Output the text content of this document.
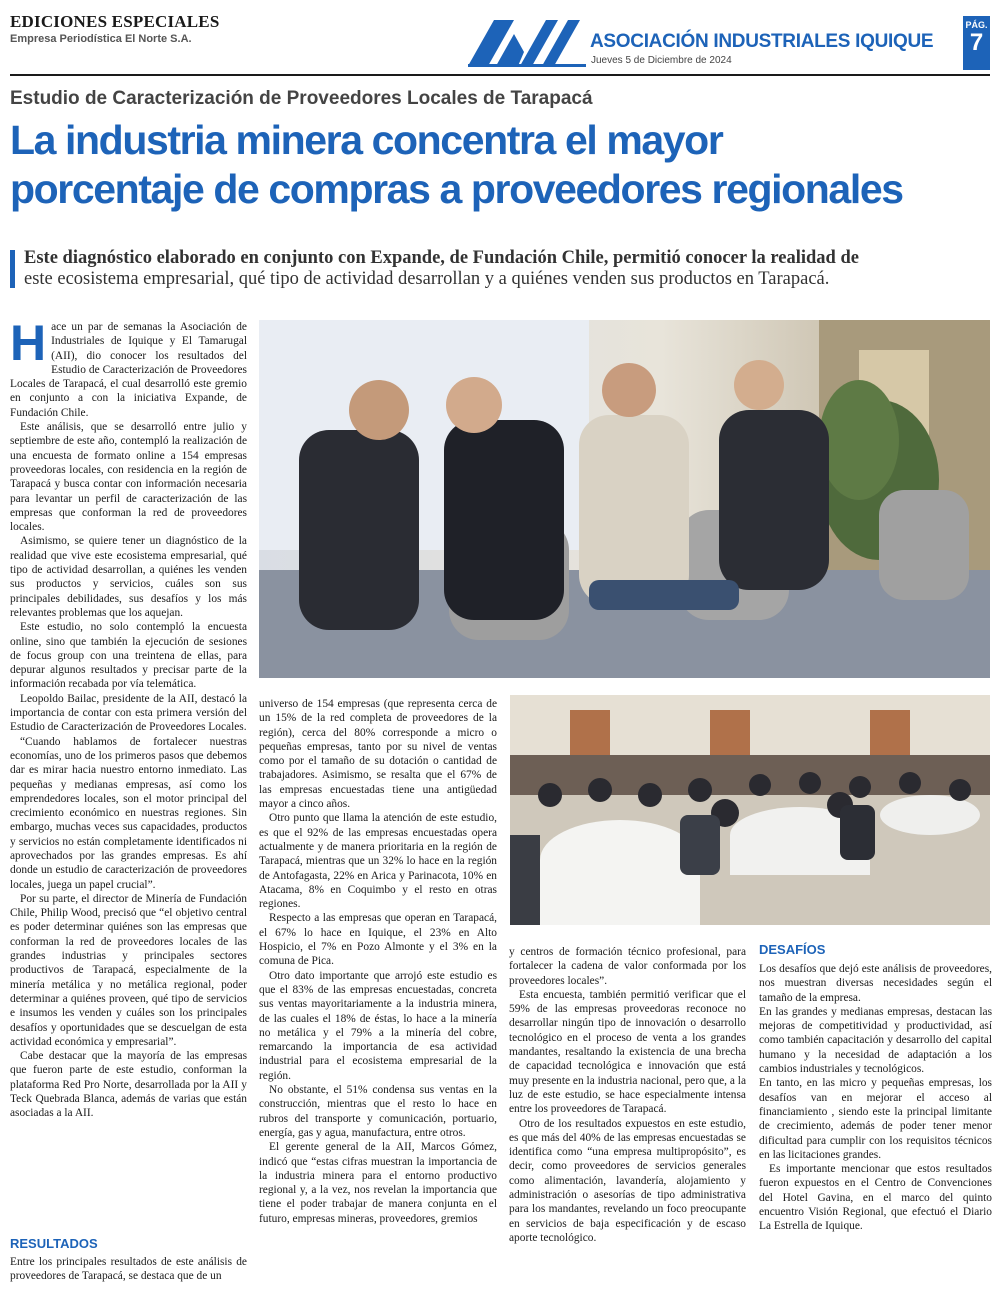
EDICIONES ESPECIALES
Empresa Periodística El Norte S.A.	ASOCIACIÓN INDUSTRIALES IQUIQUE
Jueves 5 de Diciembre de 2024
PÁG.
7
Estudio de Caracterización de Proveedores Locales de Tarapacá
La industria minera concentra el mayor
porcentaje de compras a proveedores regionales
Este diagnóstico elaborado en conjunto con Expande, de Fundación Chile, permitió conocer la realidad de
este ecosistema empresarial, qué tipo de actividad desarrollan y a quiénes venden sus productos en Tarapacá.

Hace un par de semanas la Asociación de Industriales de Iquique y El Tamarugal (AII), dio conocer los resultados del Estudio de Caracterización de Proveedores Locales de Tarapacá, el cual desarrolló este gremio en conjunto a con la iniciativa Expande, de Fundación Chile.

Este análisis, que se desarrolló entre julio y septiembre de este año, contempló la realización de una encuesta de formato online a 154 empresas proveedoras locales, con residencia en la región de Tarapacá y busca contar con información necesaria para levantar un perfil de caracterización de las empresas que conforman la red de proveedores locales.

Asimismo, se quiere tener un diagnóstico de la realidad que vive este ecosistema empresarial, qué tipo de actividad desarrollan, a quiénes les venden sus productos y servicios, cuáles son sus principales debilidades, sus desafíos y los más relevantes problemas que los aquejan.

Este estudio, no solo contempló la encuesta online, sino que también la ejecución de sesiones de focus group con una treintena de ellas, para depurar algunos resultados y precisar parte de la información recabada por vía telemática.

Leopoldo Bailac, presidente de la AII, destacó la importancia de contar con esta primera versión del Estudio de Caracterización de Proveedores Locales.

“Cuando hablamos de fortalecer nuestras economías, uno de los primeros pasos que debemos dar es mirar hacia nuestro entorno inmediato. Las pequeñas y medianas empresas, así como los emprendedores locales, son el motor principal del crecimiento económico en nuestras regiones. Sin embargo, muchas veces sus capacidades, productos y servicios no están completamente identificados ni aprovechados por las grandes empresas. Es ahí donde un estudio de caracterización de proveedores locales, juega un papel crucial”.

Por su parte, el director de Minería de Fundación Chile, Philip Wood, precisó que “el objetivo central es poder determinar quiénes son las empresas que conforman la red de proveedores locales de las grandes industrias y principales sectores productivos de Tarapacá, especialmente de la minería metálica y no metálica regional, poder determinar a quiénes proveen, qué tipo de servicios e insumos les venden y cuáles son los principales desafíos y oportunidades que se descuelgan de esta actividad económica y empresarial”.

Cabe destacar que la mayoría de las empresas que fueron parte de este estudio, conforman la plataforma Red Pro Norte, desarrollada por la AII y Teck Quebrada Blanca, además de varias que están asociadas a la AII.

RESULTADOS

Entre los principales resultados de este análisis de proveedores de Tarapacá, se destaca que de un

universo de 154 empresas (que representa cerca de un 15% de la red completa de proveedores de la región), cerca del 80% corresponde a micro o pequeñas empresas, tanto por su nivel de ventas como por el tamaño de su dotación o cantidad de trabajadores. Asimismo, se resalta que el 67% de las empresas encuestadas tiene una antigüedad mayor a cinco años.

Otro punto que llama la atención de este estudio, es que el 92% de las empresas encuestadas opera actualmente y de manera prioritaria en la región de Tarapacá, mientras que un 32% lo hace en la región de Antofagasta, 22% en Arica y Parinacota, 10% en Atacama, 8% en Coquimbo y el resto en otras regiones.

Respecto a las empresas que operan en Tarapacá, el 67% lo hace en Iquique, el 23% en Alto Hospicio, el 7% en Pozo Almonte y el 3% en la comuna de Pica.

Otro dato importante que arrojó este estudio es que el 83% de las empresas encuestadas, concreta sus ventas mayoritariamente a la industria minera, de las cuales el 18% de éstas, lo hace a la minería no metálica y el 79% a la minería del cobre, remarcando la importancia de esa actividad industrial para el ecosistema empresarial de la región.

No obstante, el 51% condensa sus ventas en la construcción, mientras que el resto lo hace en rubros del transporte y comunicación, portuario, energía, gas y agua, manufactura, entre otros.

El gerente general de la AII, Marcos Gómez, indicó que “estas cifras muestran la importancia de la industria minera para el entorno productivo regional y, a la vez, nos revelan la importancia que tiene el poder trabajar de manera conjunta en el futuro, empresas mineras, proveedores, gremios

y centros de formación técnico profesional, para fortalecer la cadena de valor conformada por los proveedores locales”.

Esta encuesta, también permitió verificar que el 59% de las empresas proveedoras reconoce no desarrollar ningún tipo de innovación o desarrollo tecnológico en el proceso de venta a los grandes mandantes, resaltando la existencia de una brecha de capacidad tecnológica e innovación que está muy presente en la industria nacional, pero que, a la luz de este estudio, se hace especialmente intensa entre los proveedores de Tarapacá.

Otro de los resultados expuestos en este estudio, es que más del 40% de las empresas encuestadas se identifica como “una empresa multipropósito”, es decir, como proveedores de servicios generales como alimentación, lavandería, alojamiento y administración o asesorías de tipo administrativa para los mandantes, revelando un foco preocupante en servicios de baja especificación y de escaso aporte tecnológico.

DESAFÍOS

Los desafíos que dejó este análisis de proveedores, nos muestran diversas necesidades según el tamaño de la empresa.

En las grandes y medianas empresas, destacan las mejoras de competitividad y productividad, así como también capacitación y desarrollo del capital humano y la necesidad de adaptación a los cambios industriales y tecnológicos.

En tanto, en las micro y pequeñas empresas, los desafíos van en mejorar el acceso al financiamiento , siendo este la principal limitante de crecimiento, además de poder tener menor dificultad para cumplir con los requisitos técnicos en las licitaciones grandes.

Es importante mencionar que estos resultados fueron expuestos en el Centro de Convenciones del Hotel Gavina, en el marco del quinto encuentro Visión Regional, que efectuó el Diario La Estrella de Iquique.
